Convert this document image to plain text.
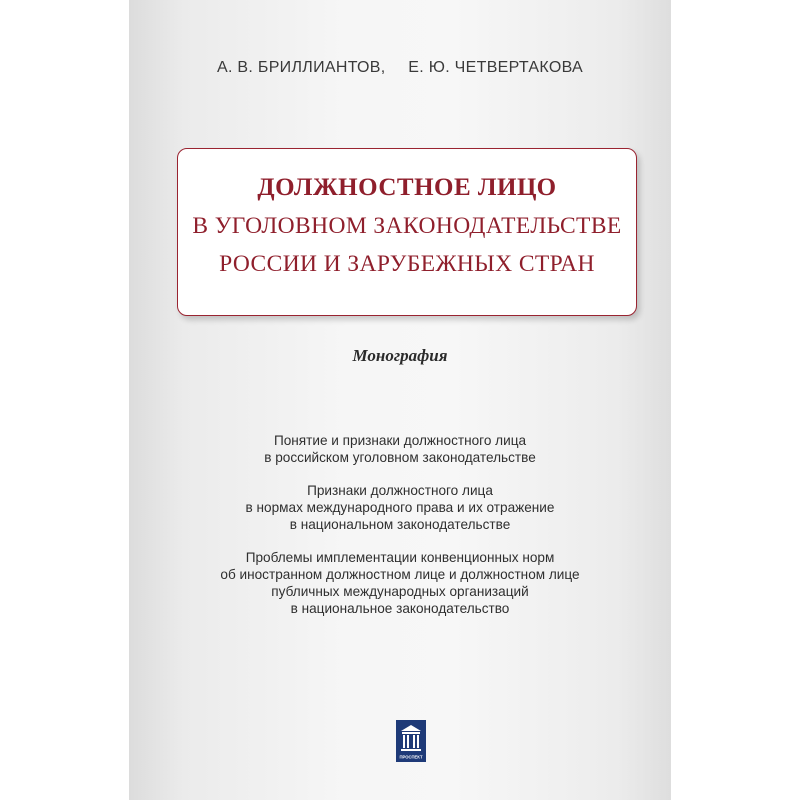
А. В. БРИЛЛИАНТОВ, Е. Ю. ЧЕТВЕРТАКОВА
ДОЛЖНОСТНОЕ ЛИЦО
В УГОЛОВНОМ ЗАКОНОДАТЕЛЬСТВЕ
РОССИИ И ЗАРУБЕЖНЫХ СТРАН
Монография
Понятие и признаки должностного лица
в российском уголовном законодательстве
Признаки должностного лица
в нормах международного права и их отражение
в национальном законодательстве
Проблемы имплементации конвенционных норм
об иностранном должностном лице и должностном лице
публичных международных организаций
в национальное законодательство
ПРОСПЕКТ
